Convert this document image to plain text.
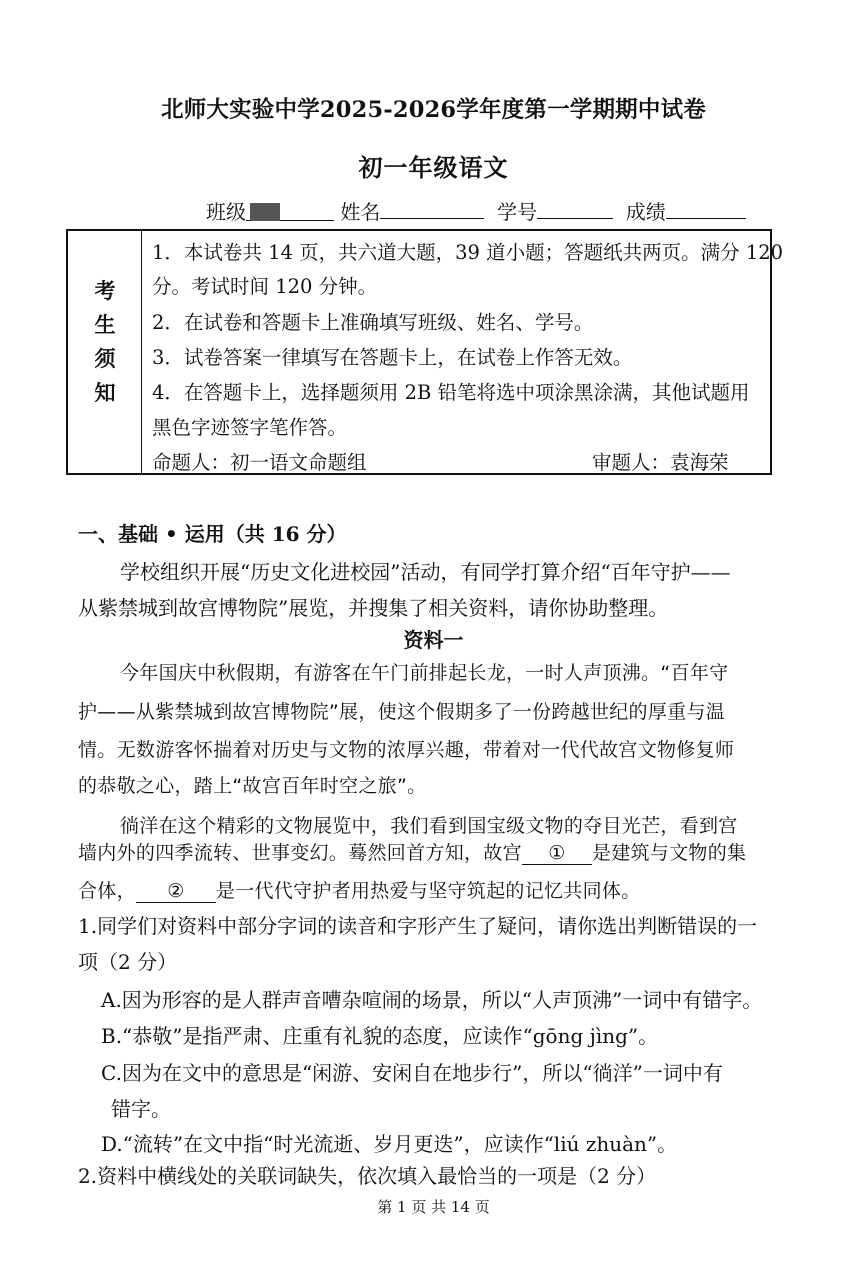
北师大实验中学2025-2026学年度第一学期期中试卷
初一年级语文
班级	姓名	学号	成绩
考
生
须
知
1．本试卷共 14 页，共六道大题，39 道小题；答题纸共两页。满分 120
分。考试时间 120 分钟。
2．在试卷和答题卡上准确填写班级、姓名、学号。
3．试卷答案一律填写在答题卡上，在试卷上作答无效。
4．在答题卡上，选择题须用 2B 铅笔将选中项涂黑涂满，其他试题用
黑色字迹签字笔作答。
命题人：初一语文命题组	审题人：袁海荣
一、基础 • 运用（共 16 分）
学校组织开展“历史文化进校园”活动，有同学打算介绍“百年守护——
从紫禁城到故宫博物院”展览，并搜集了相关资料，请你协助整理。
资料一
今年国庆中秋假期，有游客在午门前排起长龙，一时人声顶沸。“百年守
护——从紫禁城到故宫博物院”展，使这个假期多了一份跨越世纪的厚重与温
情。无数游客怀揣着对历史与文物的浓厚兴趣，带着对一代代故宫文物修复师
的恭敬之心，踏上“故宫百年时空之旅”。
徜洋在这个精彩的文物展览中，我们看到国宝级文物的夺目光芒，看到宫
墙内外的四季流转、世事变幻。蓦然回首方知，故宫 ① 是建筑与文物的集
合体， ② 是一代代守护者用热爱与坚守筑起的记忆共同体。
1.同学们对资料中部分字词的读音和字形产生了疑问，请你选出判断错误的一
项（2 分）
A.因为形容的是人群声音嘈杂喧闹的场景，所以“人声顶沸”一词中有错字。
B.“恭敬”是指严肃、庄重有礼貌的态度，应读作“gōng jìng”。
C.因为在文中的意思是“闲游、安闲自在地步行”，所以“徜洋”一词中有
错字。
D.“流转”在文中指“时光流逝、岁月更迭”，应读作“liú zhuàn”。
2.资料中横线处的关联词缺失，依次填入最恰当的一项是（2 分）
第 1 页 共 14 页
